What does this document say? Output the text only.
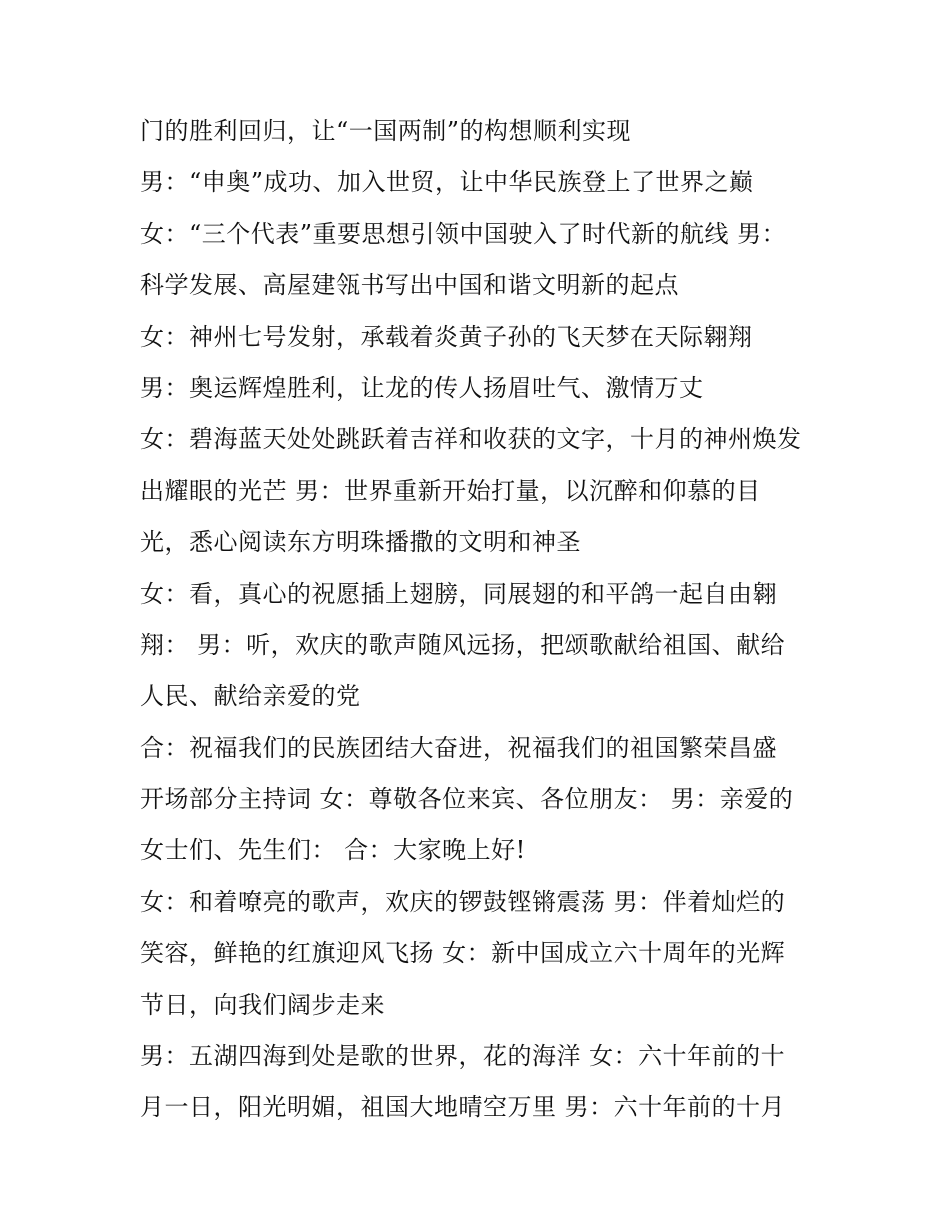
门的胜利回归，让“一国两制”的构想顺利实现
男：“申奥”成功、加入世贸，让中华民族登上了世界之巅
女：“三个代表”重要思想引领中国驶入了时代新的航线 男：
科学发展、高屋建瓴书写出中国和谐文明新的起点
女：神州七号发射，承载着炎黄子孙的飞天梦在天际翱翔
男：奥运辉煌胜利，让龙的传人扬眉吐气、激情万丈
女：碧海蓝天处处跳跃着吉祥和收获的文字，十月的神州焕发
出耀眼的光芒 男：世界重新开始打量，以沉醉和仰慕的目
光，悉心阅读东方明珠播撒的文明和神圣
女：看，真心的祝愿插上翅膀，同展翅的和平鸽一起自由翱
翔： 男：听，欢庆的歌声随风远扬，把颂歌献给祖国、献给
人民、献给亲爱的党
合：祝福我们的民族团结大奋进，祝福我们的祖国繁荣昌盛
开场部分主持词 女：尊敬各位来宾、各位朋友： 男：亲爱的
女士们、先生们： 合：大家晚上好!
女：和着嘹亮的歌声，欢庆的锣鼓铿锵震荡 男：伴着灿烂的
笑容，鲜艳的红旗迎风飞扬 女：新中国成立六十周年的光辉
节日，向我们阔步走来
男：五湖四海到处是歌的世界，花的海洋 女：六十年前的十
月一日，阳光明媚，祖国大地晴空万里 男：六十年前的十月
